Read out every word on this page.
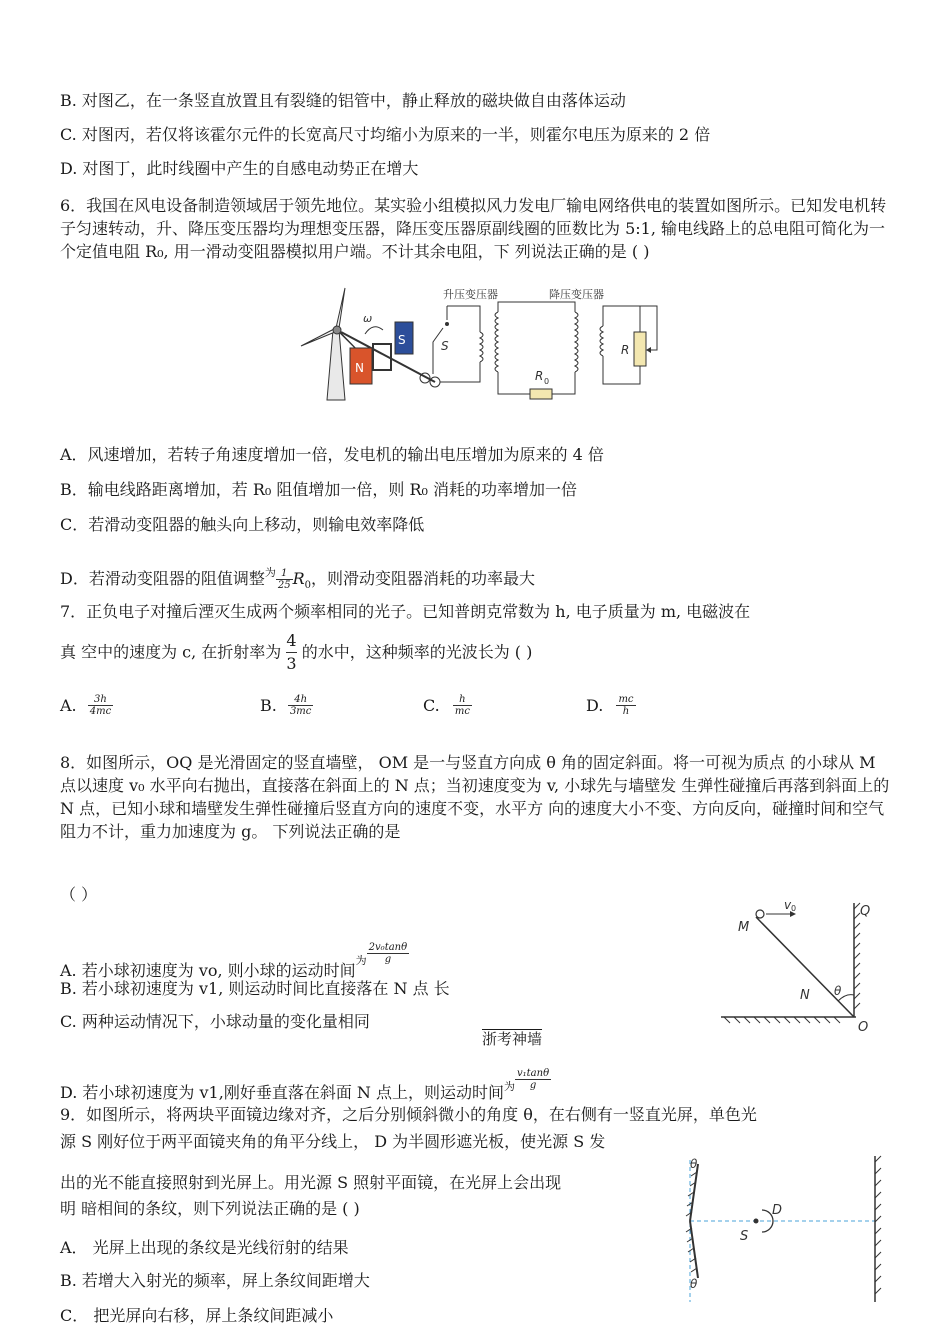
B. 对图乙，在一条竖直放置且有裂缝的铝管中，静止释放的磁块做自由落体运动
C. 对图丙，若仅将该霍尔元件的长宽高尺寸均缩小为原来的一半，则霍尔电压为原来的 2 倍
D. 对图丁，此时线圈中产生的自感电动势正在增大
6．我国在风电设备制造领域居于领先地位。某实验小组模拟风力发电厂输电网络供电的装置如图所示。已知发电机转子匀速转动，升、降压变压器均为理想变压器，降压变压器原副线圈的匝数比为 5:1, 输电线路上的总电阻可简化为一个定值电阻 R₀, 用一滑动变阻器模拟用户端。不计其余电阻，下 列说法正确的是 ( )
ω
N
S	S
升压变压器
R 0
降压变压器
R
A．风速增加，若转子角速度增加一倍，发电机的输出电压增加为原来的 4 倍
B．输电线路距离增加，若 R₀ 阻值增加一倍，则 R₀ 消耗的功率增加一倍
C．若滑动变阻器的触头向上移动，则输电效率降低
D．若滑动变阻器的阻值调整$^为 \frac{1}{25} R_0$，则滑动变阻器消耗的功率最大
7．正负电子对撞后湮灭生成两个频率相同的光子。已知普朗克常数为 h, 电子质量为 m, 电磁波在
真 空中的速度为 c, 在折射率为 $\frac{4}{3}$ 的水中，这种频率的光波长为 ( )
A. $\frac{3h}{4mc}$	B. $\frac{4h}{3mc}$	C. $\frac{h}{mc}$	D. $\frac{mc}{h}$
8．如图所示，OQ 是光滑固定的竖直墙壁， OM 是一与竖直方向成 θ 角的固定斜面。将一可视为质点 的小球从 M 点以速度 v₀ 水平向右抛出，直接落在斜面上的 N 点；当初速度变为 v, 小球先与墙壁发 生弹性碰撞后再落到斜面上的 N 点，已知小球和墙壁发生弹性碰撞后竖直方向的速度不变，水平方 向的速度大小不变、方向反向，碰撞时间和空气阻力不计，重力加速度为 g。 下列说法正确的是
（ ）
v 0
M
Q
N θ
O
A. 若小球初速度为 vo, 则小球的运动时间$^为 \frac{\text{2v₀tanθ}}{g}$
B. 若小球初速度为 v1, 则运动时间比直接落在 N 点 长
C. 两种运动情况下，小球动量的变化量相同
浙考神墙
D. 若小球初速度为 v1,刚好垂直落在斜面 N 点上，则运动时间$^为 \frac{\text{v₁tanθ}}{g}$
9．如图所示，将两块平面镜边缘对齐，之后分别倾斜微小的角度 θ，在右侧有一竖直光屏，单色光
源 S 刚好位于两平面镜夹角的角平分线上， D 为半圆形遮光板，使光源 S 发
出的光不能直接照射到光屏上。用光源 S 照射平面镜，在光屏上会出现
明 暗相间的条纹，则下列说法正确的是 ( )
θ
θ
D
S
A． 光屏上出现的条纹是光线衍射的结果
B. 若增大入射光的频率，屏上条纹间距增大
C． 把光屏向右移，屏上条纹间距减小
